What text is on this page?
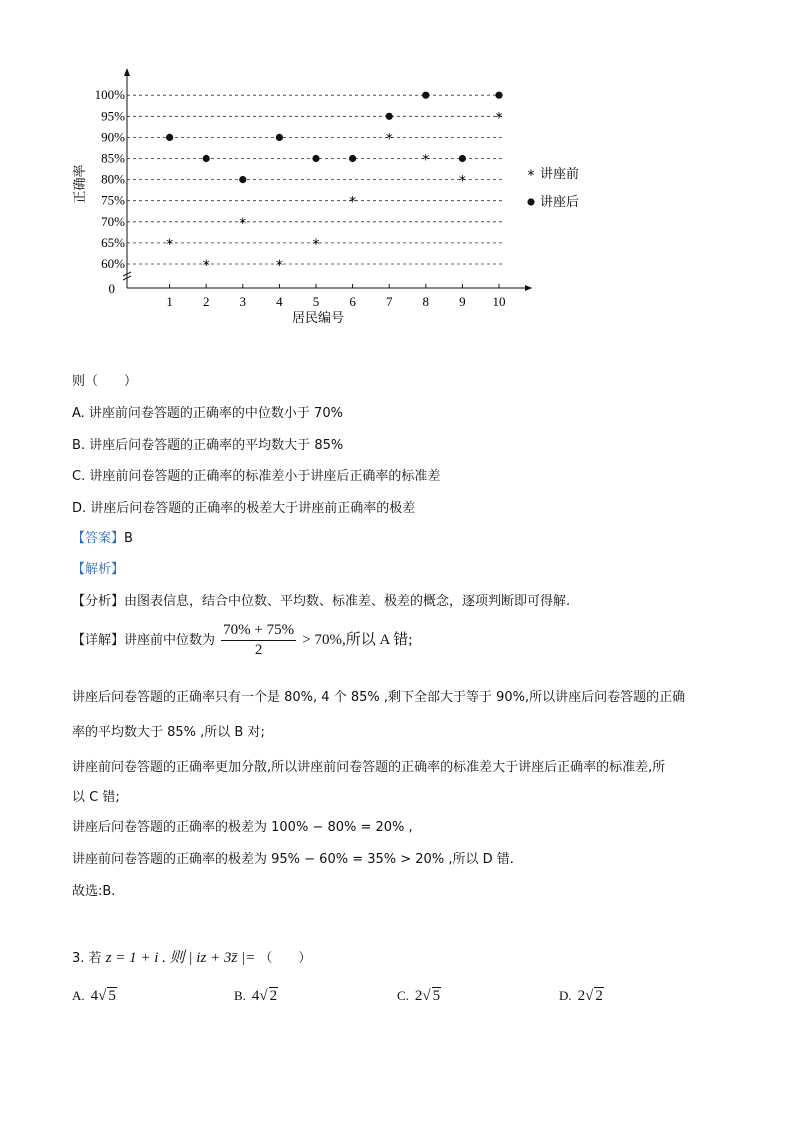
0
60%
65%
70%
75%
80%
85%
90%
95%
100%
1 2 3 4 5 6 7 8 9 10
居民编号
正确率
*
*
*
*
*
*
*
*
*
*
* 讲座前
讲座后
则（　　）
A. 讲座前问卷答题的正确率的中位数小于 70%
B. 讲座后问卷答题的正确率的平均数大于 85%
C. 讲座前问卷答题的正确率的标准差小于讲座后正确率的标准差
D. 讲座后问卷答题的正确率的极差大于讲座前正确率的极差
【答案】B
【解析】
【分析】由图表信息，结合中位数、平均数、标准差、极差的概念，逐项判断即可得解.
【详解】讲座前中位数为 $\frac{70\% + 75\%}{2} > 70\%$,所以 A 错;
讲座后问卷答题的正确率只有一个是 80%, 4 个 85% ,剩下全部大于等于 90%,所以讲座后问卷答题的正确
率的平均数大于 85% ,所以 B 对;
讲座前问卷答题的正确率更加分散,所以讲座前问卷答题的正确率的标准差大于讲座后正确率的标准差,所
以 C 错;
讲座后问卷答题的正确率的极差为 100% − 80% = 20% ,
讲座前问卷答题的正确率的极差为 95% − 60% = 35% > 20% ,所以 D 错.
故选:B.
3. 若 z = 1 + i . 则 | iz + 3z̄ |= （　　）
A. 4√ 5	B. 4√ 2	C. 2√ 5	D. 2√ 2
